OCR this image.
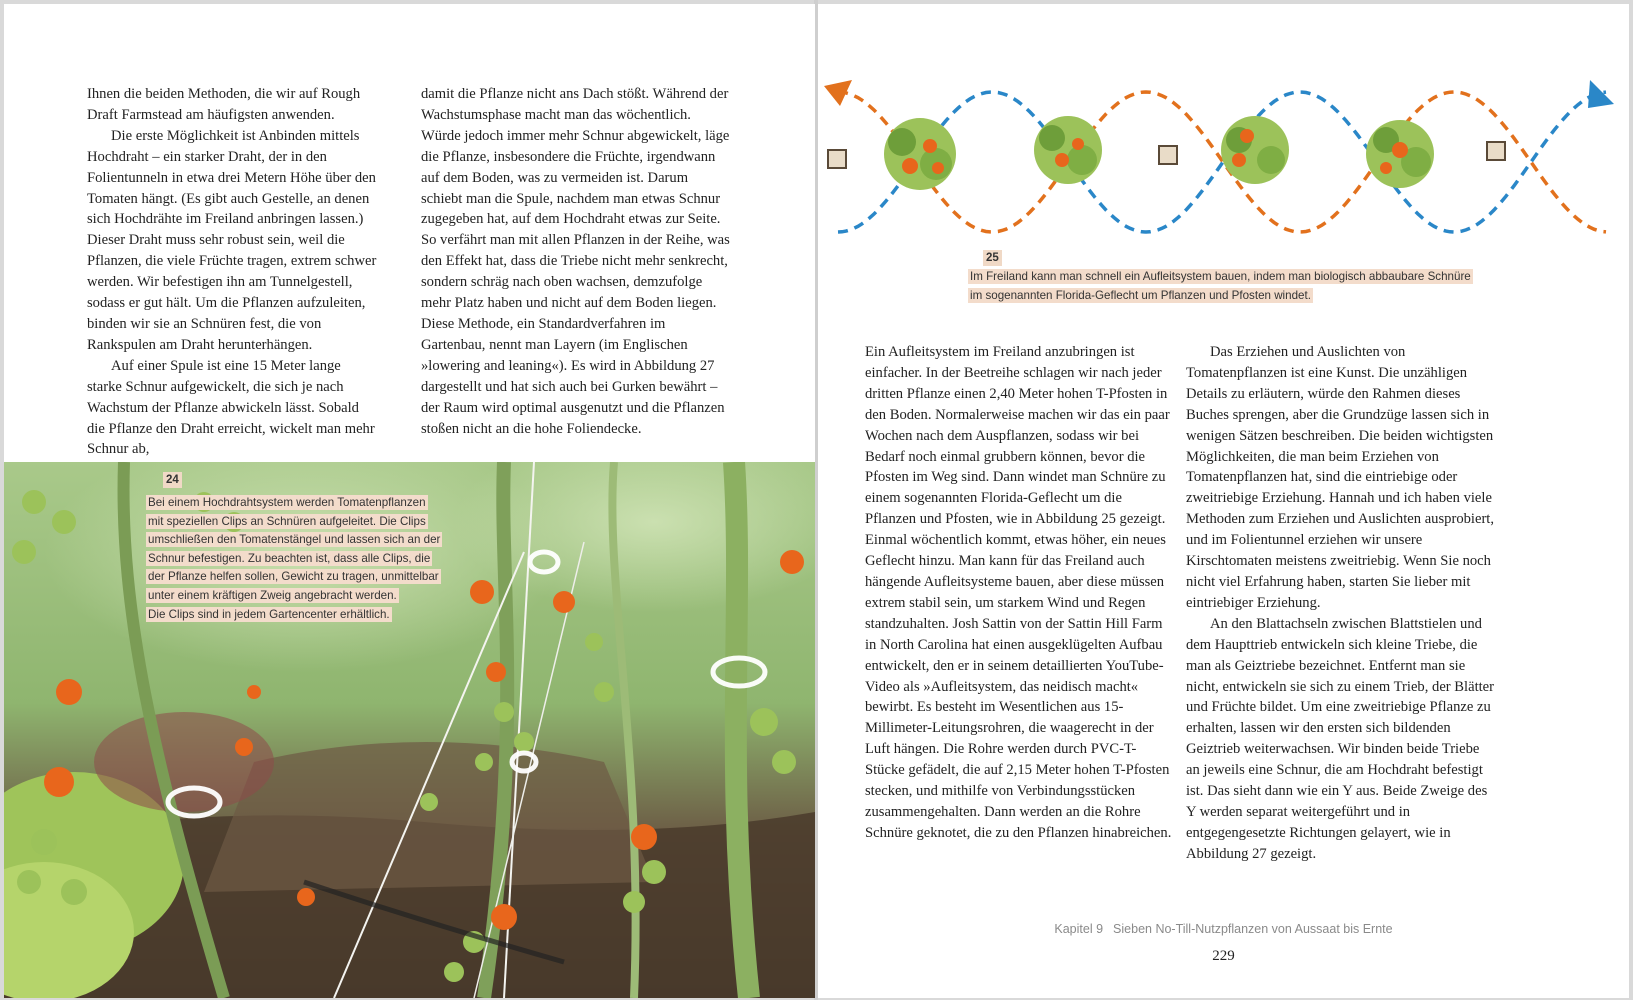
Ihnen die beiden Methoden, die wir auf Rough Draft Farmstead am häufigsten anwenden.

Die erste Möglichkeit ist Anbinden mittels Hochdraht – ein starker Draht, der in den Folientunneln in etwa drei Metern Höhe über den Tomaten hängt. (Es gibt auch Gestelle, an denen sich Hochdrähte im Freiland anbringen lassen.) Dieser Draht muss sehr robust sein, weil die Pflanzen, die viele Früchte tragen, extrem schwer werden. Wir befestigen ihn am Tunnelgestell, sodass er gut hält. Um die Pflanzen aufzuleiten, binden wir sie an Schnüren fest, die von Rankspulen am Draht herunterhängen.

Auf einer Spule ist eine 15 Meter lange starke Schnur aufgewickelt, die sich je nach Wachstum der Pflanze abwickeln lässt. Sobald die Pflanze den Draht erreicht, wickelt man mehr Schnur ab,

damit die Pflanze nicht ans Dach stößt. Während der Wachstumsphase macht man das wöchentlich. Würde jedoch immer mehr Schnur abgewickelt, läge die Pflanze, insbesondere die Früchte, irgendwann auf dem Boden, was zu vermeiden ist. Darum schiebt man die Spule, nachdem man etwas Schnur zugegeben hat, auf dem Hochdraht etwas zur Seite. So verfährt man mit allen Pflanzen in der Reihe, was den Effekt hat, dass die Triebe nicht mehr senkrecht, sondern schräg nach oben wachsen, demzufolge mehr Platz haben und nicht auf dem Boden liegen. Diese Methode, ein Standardverfahren im Gartenbau, nennt man Layern (im Englischen »lowering and leaning«). Es wird in Abbildung 27 dargestellt und hat sich auch bei Gurken bewährt – der Raum wird optimal ausgenutzt und die Pflanzen stoßen nicht an die hohe Foliendecke.

24
Bei einem Hochdrahtsystem werden Tomatenpflanzen
mit speziellen Clips an Schnüren aufgeleitet. Die Clips
umschließen den Tomatenstängel und lassen sich an der
Schnur befestigen. Zu beachten ist, dass alle Clips, die
der Pflanze helfen sollen, Gewicht zu tragen, unmittelbar
unter einem kräftigen Zweig angebracht werden.
Die Clips sind in jedem Gartencenter erhältlich.
25
Im Freiland kann man schnell ein Aufleitsystem bauen, indem man biologisch abbaubare Schnüre
im sogenannten Florida-Geflecht um Pflanzen und Pfosten windet.

Ein Aufleitsystem im Freiland anzubringen ist einfacher. In der Beetreihe schlagen wir nach jeder dritten Pflanze einen 2,40 Meter hohen T-Pfosten in den Boden. Normalerweise machen wir das ein paar Wochen nach dem Auspflanzen, sodass wir bei Bedarf noch einmal grubbern können, bevor die Pfosten im Weg sind. Dann windet man Schnüre zu einem sogenannten Florida-Geflecht um die Pflanzen und Pfosten, wie in Abbildung 25 gezeigt. Einmal wöchentlich kommt, etwas höher, ein neues Geflecht hinzu. Man kann für das Freiland auch hängende Aufleitsysteme bauen, aber diese müssen extrem stabil sein, um starkem Wind und Regen standzuhalten. Josh Sattin von der Sattin Hill Farm in North Carolina hat einen ausgeklügelten Aufbau entwickelt, den er in seinem detaillierten YouTube-Video als »Aufleitsystem, das neidisch macht« bewirbt. Es besteht im Wesentlichen aus 15-Millimeter-Leitungsrohren, die waagerecht in der Luft hängen. Die Rohre werden durch PVC-T-Stücke gefädelt, die auf 2,15 Meter hohen T-Pfosten stecken, und mithilfe von Verbindungsstücken zusammengehalten. Dann werden an die Rohre Schnüre geknotet, die zu den Pflanzen hinabreichen.

Das Erziehen und Auslichten von Tomatenpflanzen ist eine Kunst. Die unzähligen Details zu erläutern, würde den Rahmen dieses Buches sprengen, aber die Grundzüge lassen sich in wenigen Sätzen beschreiben. Die beiden wichtigsten Möglichkeiten, die man beim Erziehen von Tomatenpflanzen hat, sind die eintriebige oder zweitriebige Erziehung. Hannah und ich haben viele Methoden zum Erziehen und Auslichten ausprobiert, und im Folientunnel erziehen wir unsere Kirschtomaten meistens zweitriebig. Wenn Sie noch nicht viel Erfahrung haben, starten Sie lieber mit eintriebiger Erziehung.

An den Blattachseln zwischen Blattstielen und dem Haupttrieb entwickeln sich kleine Triebe, die man als Geiztriebe bezeichnet. Entfernt man sie nicht, entwickeln sie sich zu einem Trieb, der Blätter und Früchte bildet. Um eine zweitriebige Pflanze zu erhalten, lassen wir den ersten sich bildenden Geiztrieb weiterwachsen. Wir binden beide Triebe an jeweils eine Schnur, die am Hochdraht befestigt ist. Das sieht dann wie ein Y aus. Beide Zweige des Y werden separat weitergeführt und in entgegengesetzte Richtungen gelayert, wie in Abbildung 27 gezeigt.

Kapitel 9 Sieben No-Till-Nutzpflanzen von Aussaat bis Ernte
229
